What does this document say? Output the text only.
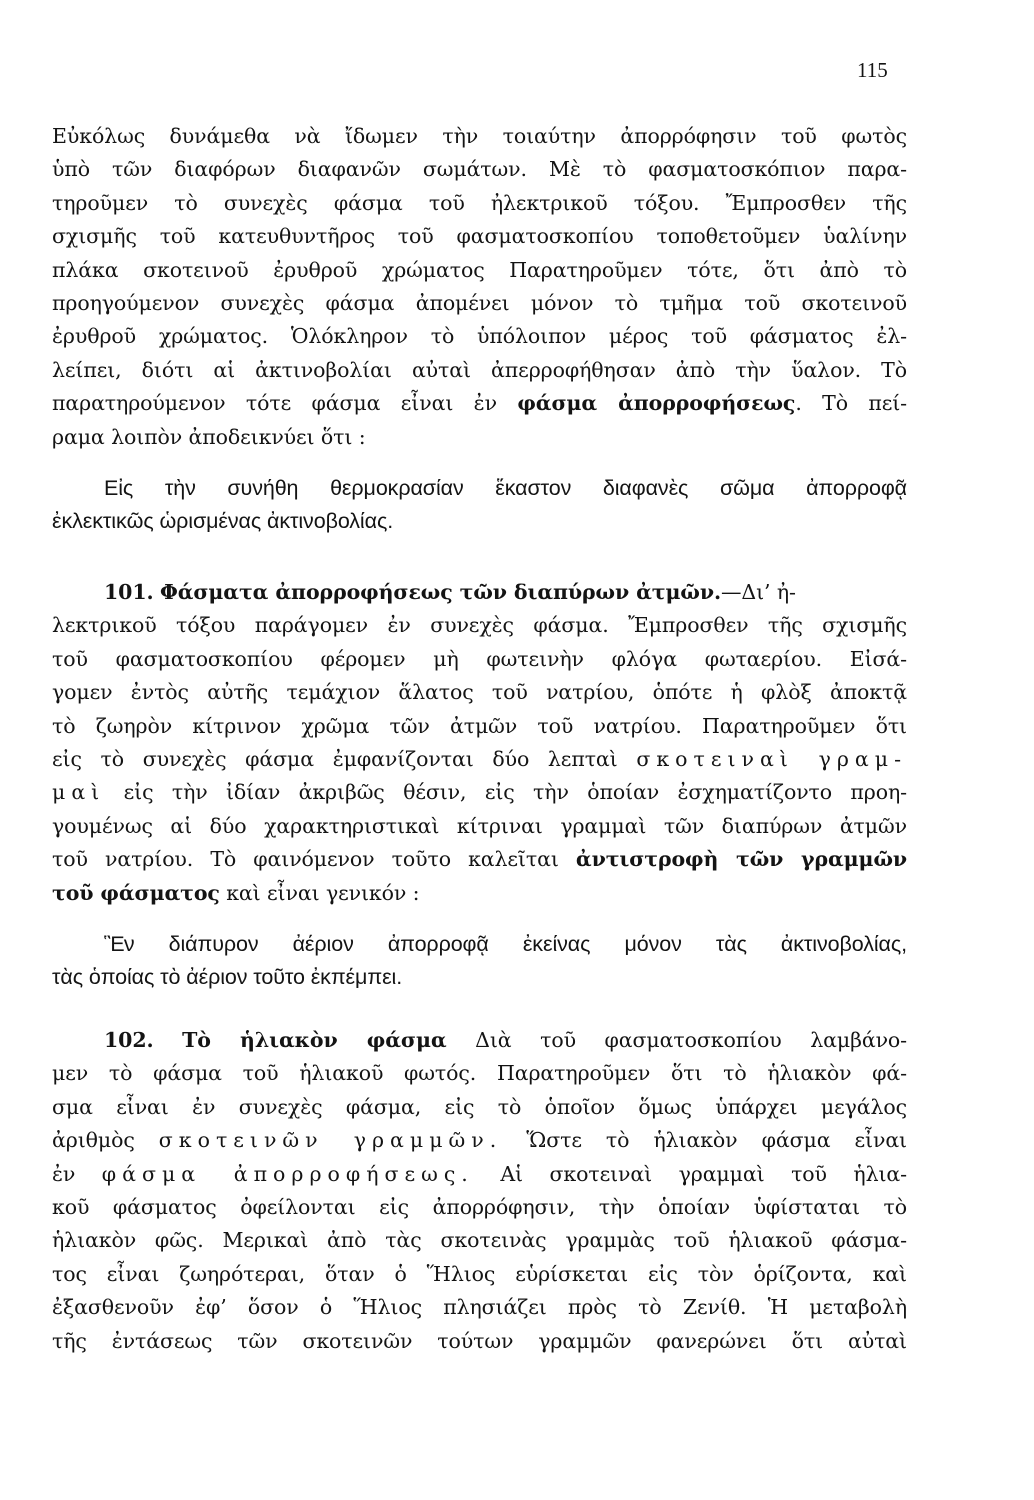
115
Εὐκόλως δυνάμεθα νὰ ἴδωμεν τὴν τοιαύτην ἀπορρόφησιν τοῦ φωτὸς
ὑπὸ τῶν διαφόρων διαφανῶν σωμάτων. Μὲ τὸ φασματοσκόπιον παρα-
τηροῦμεν τὸ συνεχὲς φάσμα τοῦ ἠλεκτρικοῦ τόξου. Ἔμπροσθεν τῆς
σχισμῆς τοῦ κατευθυντῆρος τοῦ φασματοσκοπίου τοποθετοῦμεν ὑαλίνην
πλάκα σκοτεινοῦ ἐρυθροῦ χρώματος Παρατηροῦμεν τότε, ὅτι ἀπὸ τὸ
προηγούμενον συνεχὲς φάσμα ἀπομένει μόνον τὸ τμῆμα τοῦ σκοτεινοῦ
ἐρυθροῦ χρώματος. Ὁλόκληρον τὸ ὑπόλοιπον μέρος τοῦ φάσματος ἐλ-
λείπει, διότι αἱ ἀκτινοβολίαι αὐταὶ ἀπερροφήθησαν ἀπὸ τὴν ὕαλον. Τὸ
παρατηρούμενον τότε φάσμα εἶναι ἐν φάσμα ἀπορροφήσεως. Τὸ πεί-
ραμα λοιπὸν ἀποδεικνύει ὅτι :
Εἰς τὴν συνήθη θερμοκρασίαν ἕκαστον διαφανὲς σῶμα ἀπορροφᾷ
ἐκλεκτικῶς ὡρισμένας ἀκτινοβολίας.
101. Φάσματα ἀπορροφήσεως τῶν διαπύρων ἀτμῶν.—Δι’ ἠ-
λεκτρικοῦ τόξου παράγομεν ἐν συνεχὲς φάσμα. Ἔμπροσθεν τῆς σχισμῆς
τοῦ φασματοσκοπίου φέρομεν μὴ φωτεινὴν φλόγα φωταερίου. Εἰσά-
γομεν ἐντὸς αὐτῆς τεμάχιον ἅλατος τοῦ νατρίου, ὁπότε ἡ φλὸξ ἀποκτᾷ
τὸ ζωηρὸν κίτρινον χρῶμα τῶν ἀτμῶν τοῦ νατρίου. Παρατηροῦμεν ὅτι
εἰς τὸ συνεχὲς φάσμα ἐμφανίζονται δύο λεπταὶ σκοτειναὶ γραμ-
μαὶ εἰς τὴν ἰδίαν ἀκριβῶς θέσιν, εἰς τὴν ὁποίαν ἐσχηματίζοντο προη-
γουμένως αἱ δύο χαρακτηριστικαὶ κίτριναι γραμμαὶ τῶν διαπύρων ἀτμῶν
τοῦ νατρίου. Τὸ φαινόμενον τοῦτο καλεῖται ἀντιστροφὴ τῶν γραμμῶν
τοῦ φάσματος καὶ εἶναι γενικόν :
Ἓν διάπυρον ἀέριον ἀπορροφᾷ ἐκείνας μόνον τὰς ἀκτινοβολίας,
τὰς ὁποίας τὸ ἀέριον τοῦτο ἐκπέμπει.
102. Τὸ ἡλιακὸν φάσμα Διὰ τοῦ φασματοσκοπίου λαμβάνο-
μεν τὸ φάσμα τοῦ ἡλιακοῦ φωτός. Παρατηροῦμεν ὅτι τὸ ἡλιακὸν φά-
σμα εἶναι ἐν συνεχὲς φάσμα, εἰς τὸ ὁποῖον ὅμως ὑπάρχει μεγάλος
ἀριθμὸς σκοτεινῶν γραμμῶν. Ὥστε τὸ ἡλιακὸν φάσμα εἶναι
ἐν φάσμα ἀπορροφήσεως. Αἱ σκοτειναὶ γραμμαὶ τοῦ ἡλια-
κοῦ φάσματος ὀφείλονται εἰς ἀπορρόφησιν, τὴν ὁποίαν ὑφίσταται τὸ
ἡλιακὸν φῶς. Μερικαὶ ἀπὸ τὰς σκοτεινὰς γραμμὰς τοῦ ἡλιακοῦ φάσμα-
τος εἶναι ζωηρότεραι, ὅταν ὁ Ἥλιος εὑρίσκεται εἰς τὸν ὁρίζοντα, καὶ
ἐξασθενοῦν ἐφ’ ὅσον ὁ Ἥλιος πλησιάζει πρὸς τὸ Ζενίθ. Ἡ μεταβολὴ
τῆς ἐντάσεως τῶν σκοτεινῶν τούτων γραμμῶν φανερώνει ὅτι αὐταὶ
